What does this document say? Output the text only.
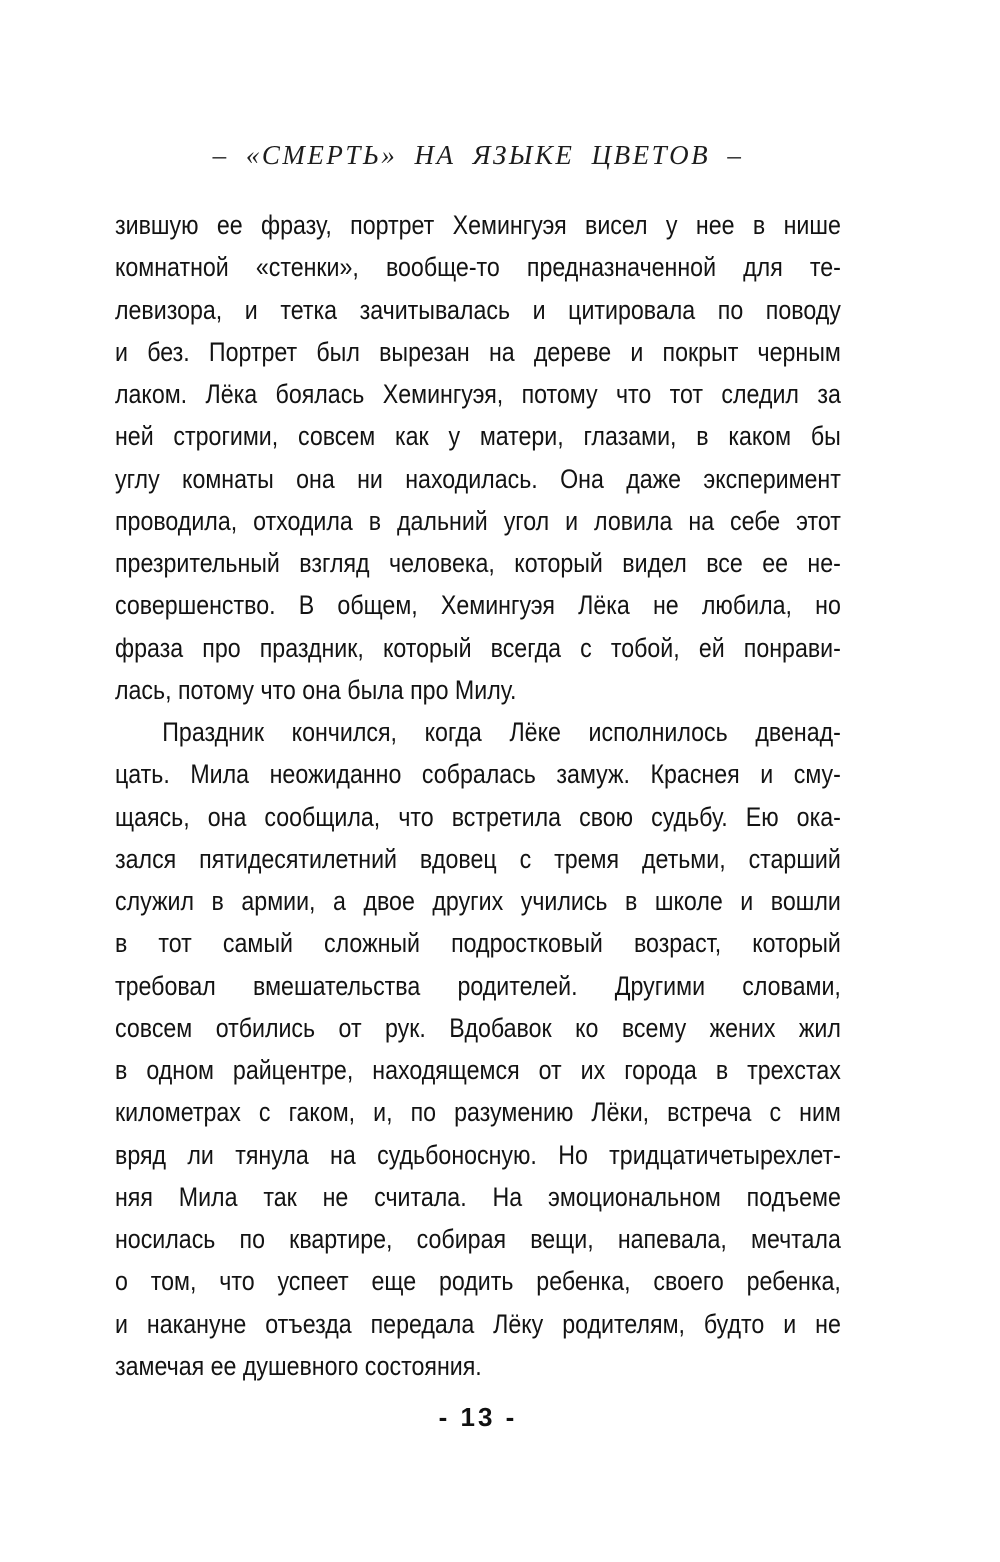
– «СМЕРТЬ» НА ЯЗЫКЕ ЦВЕТОВ –
зившую ее фразу, портрет Хемингуэя висел у нее в нише
комнатной «стенки», вообще-то предназначенной для те-
левизора, и тетка зачитывалась и цитировала по поводу
и без. Портрет был вырезан на дереве и покрыт черным
лаком. Лёка боялась Хемингуэя, потому что тот следил за
ней строгими, совсем как у матери, глазами, в каком бы
углу комнаты она ни находилась. Она даже эксперимент
проводила, отходила в дальний угол и ловила на себе этот
презрительный взгляд человека, который видел все ее не-
совершенство. В общем, Хемингуэя Лёка не любила, но
фраза про праздник, который всегда с тобой, ей понрави-
лась, потому что она была про Милу.
Праздник кончился, когда Лёке исполнилось двенад-
цать. Мила неожиданно собралась замуж. Краснея и сму-
щаясь, она сообщила, что встретила свою судьбу. Ею ока-
зался пятидесятилетний вдовец с тремя детьми, старший
служил в армии, а двое других учились в школе и вошли
в тот самый сложный подростковый возраст, который
требовал вмешательства родителей. Другими словами,
совсем отбились от рук. Вдобавок ко всему жених жил
в одном райцентре, находящемся от их города в трехстах
километрах с гаком, и, по разумению Лёки, встреча с ним
вряд ли тянула на судьбоносную. Но тридцатичетырехлет-
няя Мила так не считала. На эмоциональном подъеме
носилась по квартире, собирая вещи, напевала, мечтала
о том, что успеет еще родить ребенка, своего ребенка,
и накануне отъезда передала Лёку родителям, будто и не
замечая ее душевного состояния.
- 13 -
